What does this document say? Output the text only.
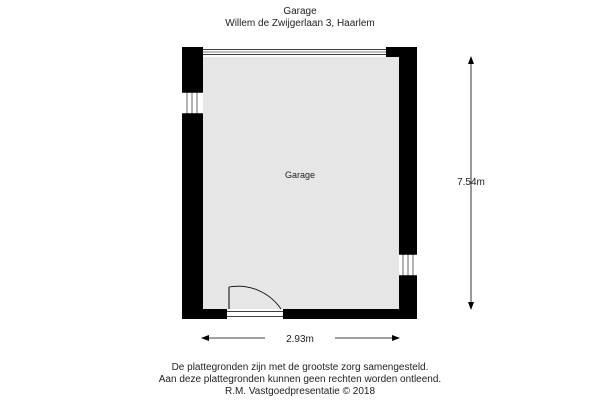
Garage
Willem de Zwijgerlaan 3, Haarlem
Garage
7.54m
2.93m
De plattegronden zijn met de grootste zorg samengesteld.
Aan deze plattegronden kunnen geen rechten worden ontleend.
R.M. Vastgoedpresentatie © 2018
